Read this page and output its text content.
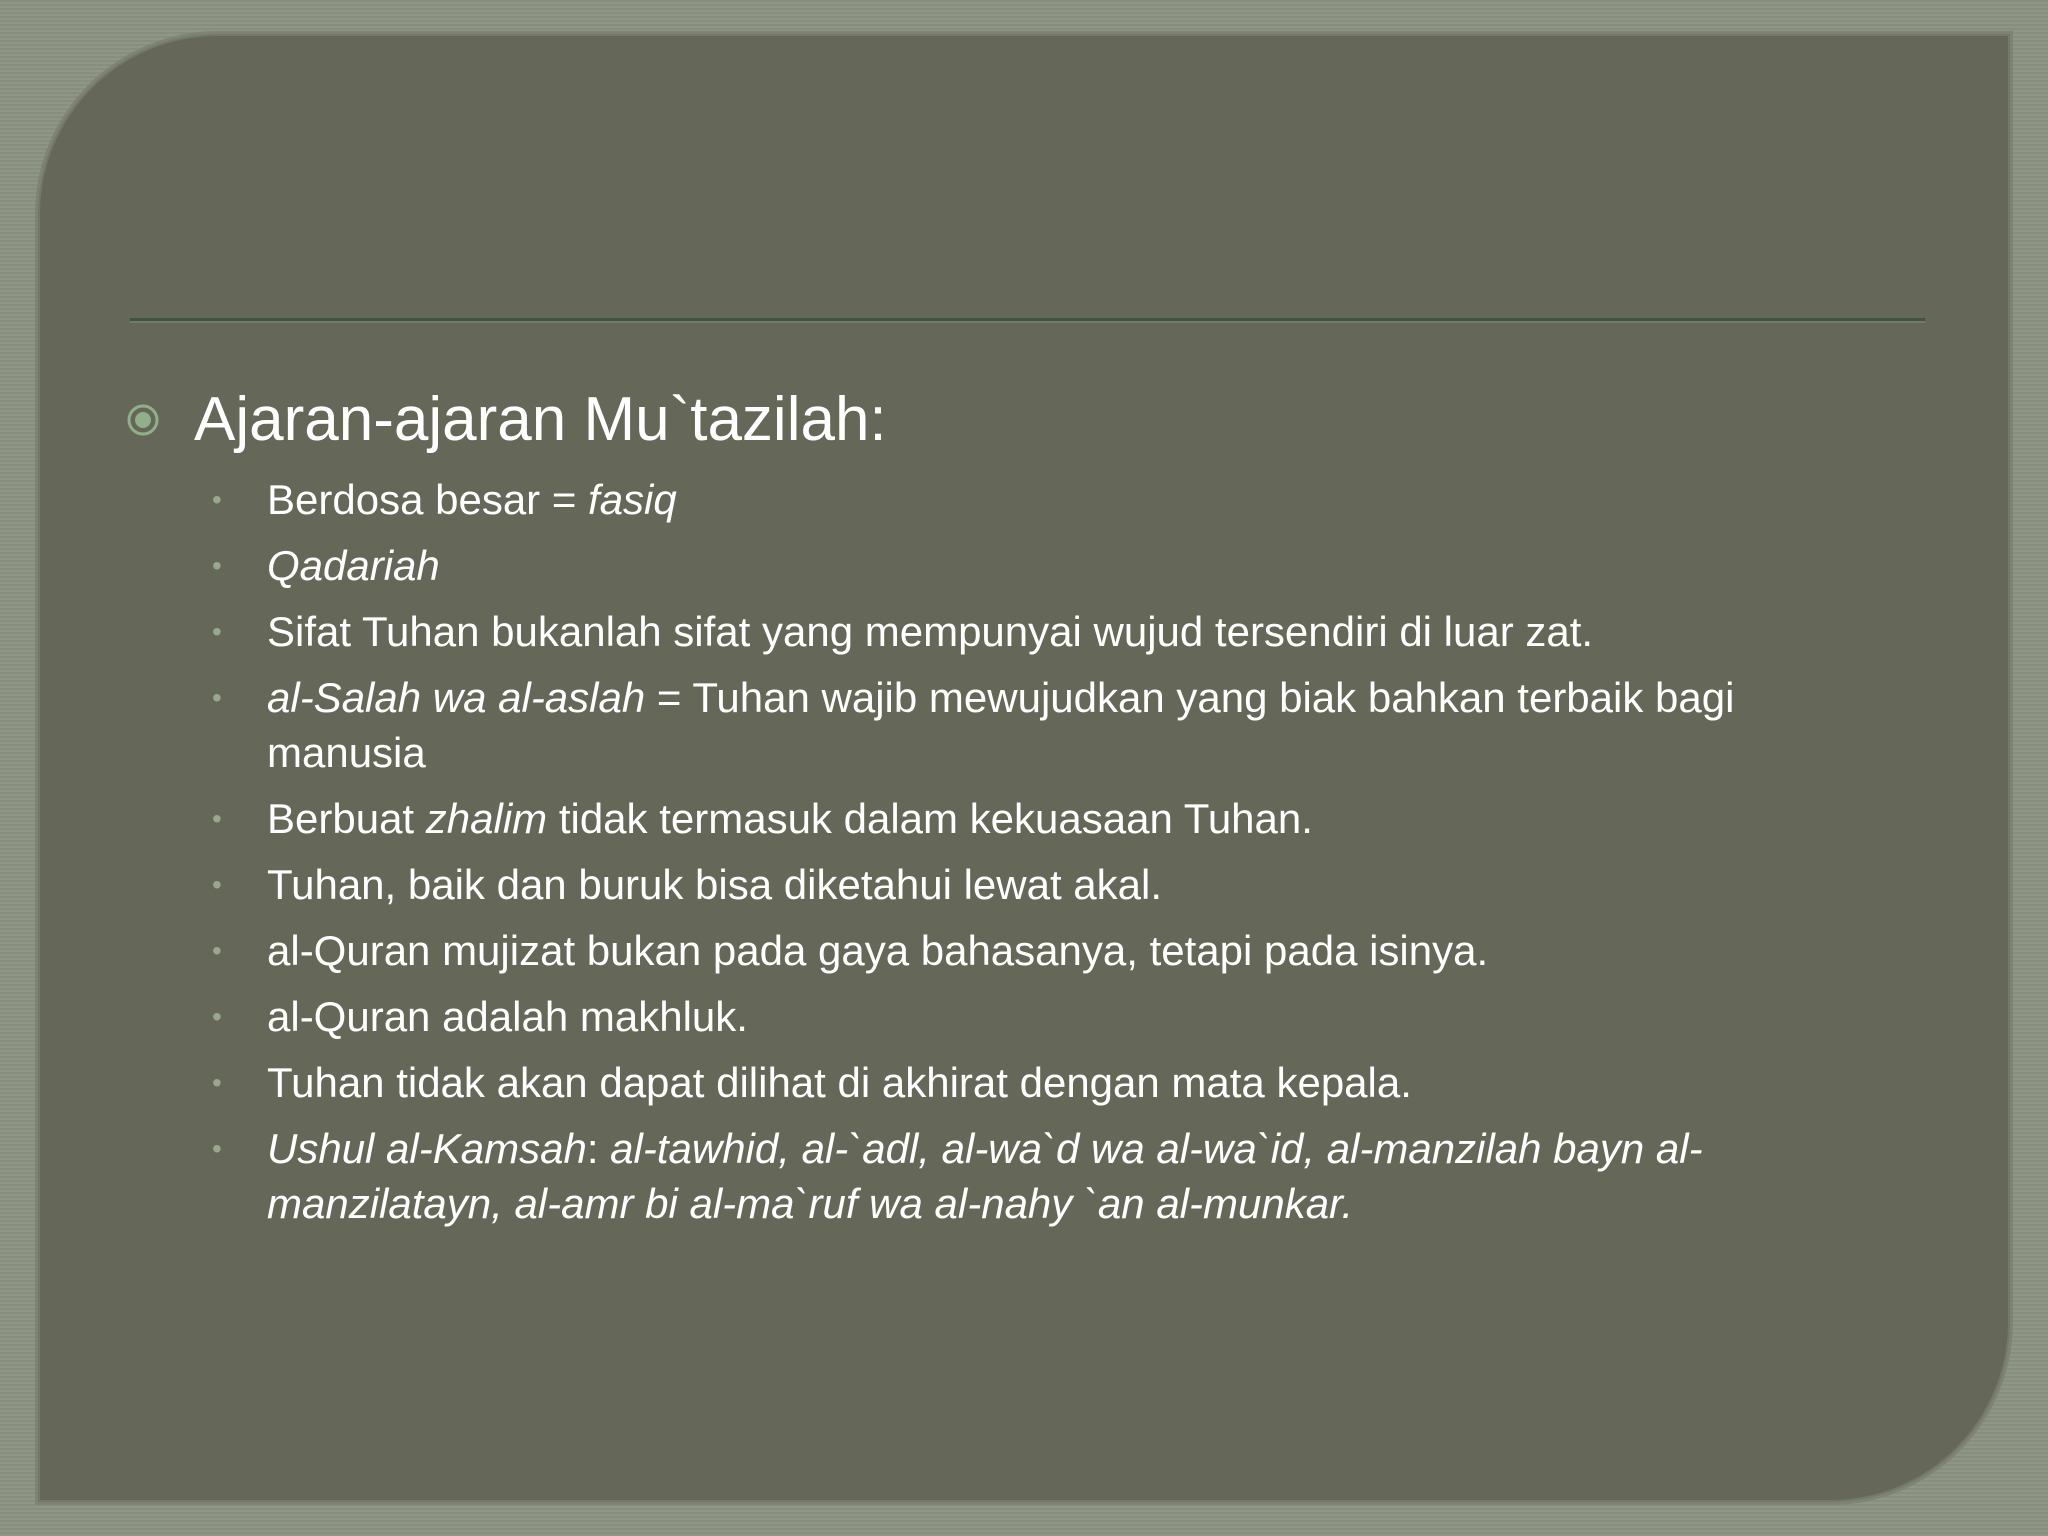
Ajaran-ajaran Mu`tazilah:
•	Berdosa besar = fasiq
•	Qadariah
•	Sifat Tuhan bukanlah sifat yang mempunyai wujud tersendiri di luar zat.
•	al-Salah wa al-aslah = Tuhan wajib mewujudkan yang biak bahkan terbaik bagi manusia
•	Berbuat zhalim tidak termasuk dalam kekuasaan Tuhan.
•	Tuhan, baik dan buruk bisa diketahui lewat akal.
•	al-Quran mujizat bukan pada gaya bahasanya, tetapi pada isinya.
•	al-Quran adalah makhluk.
•	Tuhan tidak akan dapat dilihat di akhirat dengan mata kepala.
•	Ushul al-Kamsah: al-tawhid, al-`adl, al-wa`d wa al-wa`id, al-manzilah bayn al-manzilatayn, al-amr bi al-ma`ruf wa al-nahy `an al-munkar.
